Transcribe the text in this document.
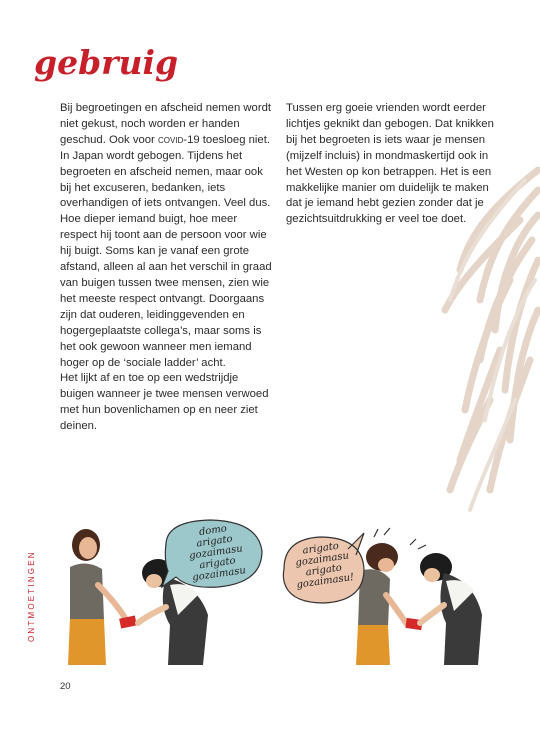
gebruig

Bij begroetingen en afscheid nemen wordt niet gekust, noch worden er handen geschud. Ook voor covid-19 toesloeg niet. In Japan wordt gebogen. Tijdens het begroeten en afscheid nemen, maar ook bij het excuseren, bedanken, iets overhandigen of iets ontvangen. Veel dus.

Hoe dieper iemand buigt, hoe meer respect hij toont aan de persoon voor wie hij buigt. Soms kan je vanaf een grote afstand, alleen al aan het verschil in graad van buigen tussen twee mensen, zien wie het meeste respect ontvangt. Doorgaans zijn dat ouderen, leidinggevenden en hogergeplaatste collega’s, maar soms is het ook gewoon wanneer men iemand hoger op de ‘sociale ladder’ acht.

Het lijkt af en toe op een wedstrijdje buigen wanneer je twee mensen verwoed met hun bovenlichamen op en neer ziet deinen.

Tussen erg goeie vrienden wordt eerder lichtjes geknikt dan gebogen. Dat knikken bij het begroeten is iets waar je mensen (mijzelf incluis) in mondmaskertijd ook in het Westen op kon betrappen. Het is een makkelijke manier om duidelijk te maken dat je iemand hebt gezien zonder dat je gezichtsuitdrukking er veel toe doet.

ONTMOETINGEN
20
domo
arigato
gozaimasu
arigato
gozaimasu
arigato
gozaimasu
arigato
gozaimasu!
